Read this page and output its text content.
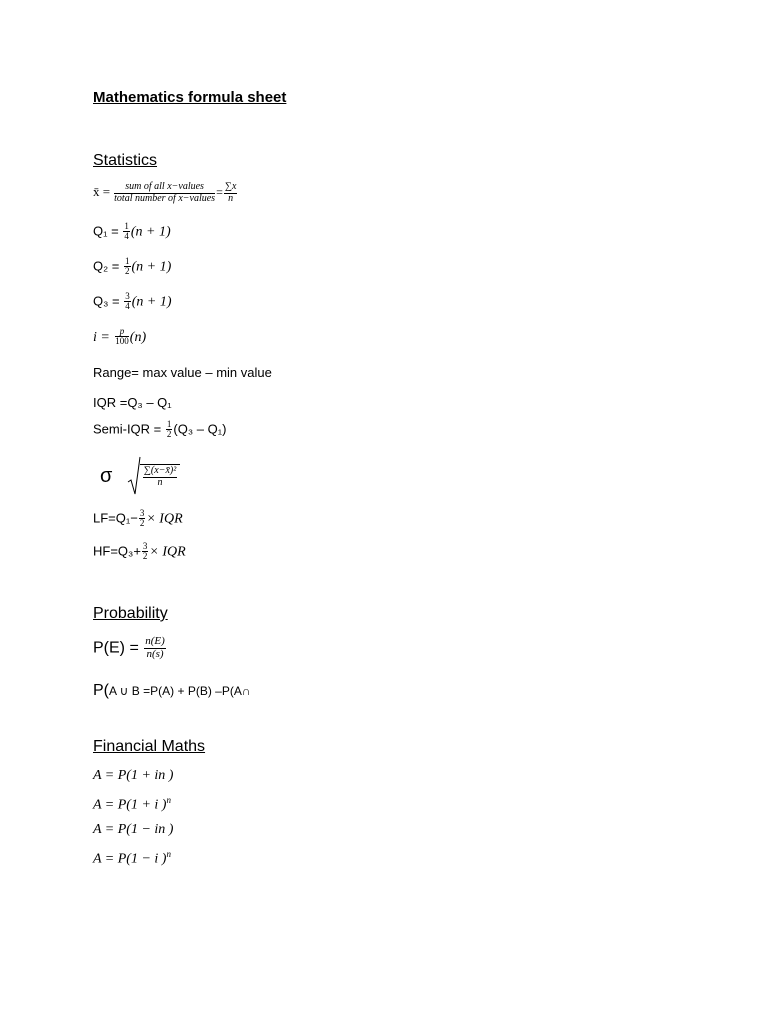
Mathematics formula sheet
Statistics
x̄ = $\frac{\text{sum of all x−values}}{\text{total number of x−values}} = \frac{\sum x}{n}$
$Q_1 = \frac{1}{4} (n + 1)$
$Q_2 = \frac{1}{2} (n + 1)$
$Q_3 = \frac{3}{4} (n + 1)$
$i = \frac{p}{100} (n)$
Range= max value – min value
IQR =Q₃ – Q₁
Semi-IQR = $\frac{1}{2} (Q_3 - Q_1)$
σ	$\frac{\text{∑(x−x̄)²}}{n}$
$LF=Q_1- \frac{3}{2}$ × IQR
$HF=Q_3+ \frac{3}{2}$ × IQR
Probability
$P(E) = \frac{n(E)}{n(s)}$
P(A ∪ B =P(A) + P(B) –P(A∩
Financial Maths
A = P(1 + in )
A = P(1 + i )$^n$
A = P(1 − in )
A = P(1 − i )$^n$
